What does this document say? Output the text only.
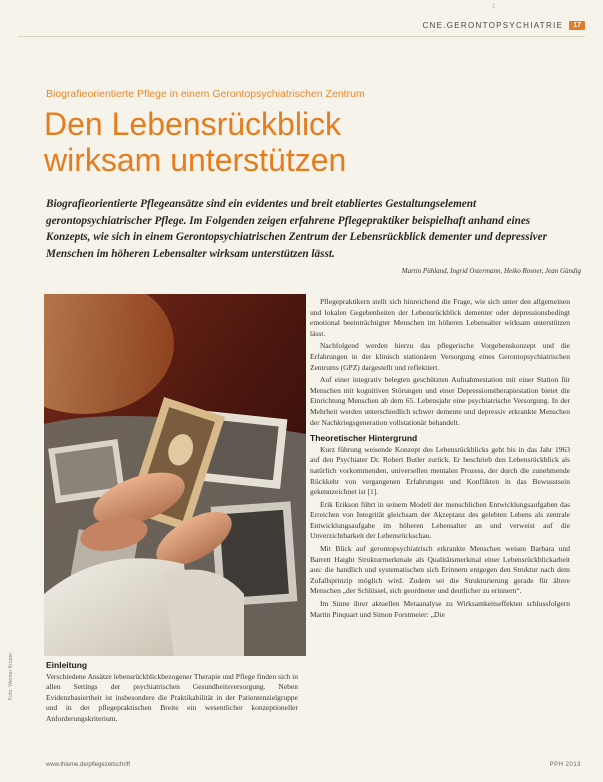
2
CNE.GERONTOPSYCHIATRIE	17
Biografieorientierte Pflege in einem Gerontopsychiatrischen Zentrum
Den Lebensrückblick
wirksam unterstützen

Biografieorientierte Pflegeansätze sind ein evidentes und breit etabliertes Gestaltungselement gerontopsychiatrischer Pflege. Im Folgenden zeigen erfahrene Pflegepraktiker beispielhaft anhand eines Konzepts, wie sich in einem Gerontopsychiatrischen Zentrum der Lebensrückblick dementer und depressiver Menschen im höheren Lebensalter wirksam unterstützen lässt.

Martin Pühland, Ingrid Ostermann, Heiko Rosner, Jean Gündig
Foto: Werner Krüper	Einleitung

Verschiedene Ansätze lebensrückblickbezogener Therapie und Pflege finden sich in allen Settings der psychiatrischen Gesundheitsversorgung. Neben Evidenzbasiertheit ist insbesondere die Praktikabilität in der Patientenzielgruppe und in der pflegepraktischen Breite ein wesentlicher konzeptioneller Anforderungskriterium.

Pflegepraktikern stellt sich hinreichend die Frage, wie sich unter den allgemeinen und lokalen Gegebenheiten der Lebensrückblick dementer oder depressionsbedingt emotional beeinträchtigter Menschen im höheren Lebensalter wirksam unterstützen lässt.

Nachfolgend werden hierzu das pflegerische Vorgehenskonzept und die Erfahrungen in der klinisch stationären Versorgung eines Gerontopsychiatrischen Zentrums (GPZ) dargestellt und reflektiert.

Auf einer integrativ belegten geschützten Aufnahmestation mit einer Station für Menschen mit kognitiven Störungen und einer Depressionstherapiestation bietet die Einrichtung Menschen ab dem 65. Lebensjahr eine psychiatrische Versorgung. In der Mehrheit werden unterschiedlich schwer demente und depressiv erkrankte Menschen der Nachkriegsgeneration vollstationär behandelt.

Theoretischer Hintergrund

Kurz führung weisende Konzept des Lebensrückblicks geht bis in das Jahr 1963 auf den Psychiater Dr. Robert Butler zurück. Er beschrieb den Lebensrückblick als natürlich vorkommenden, universellen mentalen Prozess, der durch die zunehmende Rückkehr von vergangenen Erfahrungen und Konflikten in das Bewusstsein gekennzeichnet ist [1].

Erik Erikson führt in seinem Modell der menschlichen Entwicklungsaufgaben das Erreichen von Integrität gleichsam der Akzeptanz des gelebten Lebens als zentrale Entwicklungsaufgabe im höheren Lebensalter an und verweist auf die Unverzichtbarkeit der Lebensrückschau.

Mit Blick auf gerontopsychiatrisch erkrankte Menschen weisen Barbara und Barrett Haight Strukturmerkmale als Qualitätsmerkmal einer Lebensrückblickarbeit aus: die handlich und systematischen sich Erinnern entgegen den Struktur nach dem Zufallsprinzip möglich wird. Zudem sei die Strukturierung gerade für ältere Menschen „der Schlüssel, sich geordneter und deutlicher zu erinnern“.

Im Sinne ihrer aktuellen Metaanalyse zu Wirksamkeitseffekten schlussfolgern Martin Pinquart und Simon Forstmeier: „Die

www.thieme.de/pflegezeitschrift	PPH 2013
